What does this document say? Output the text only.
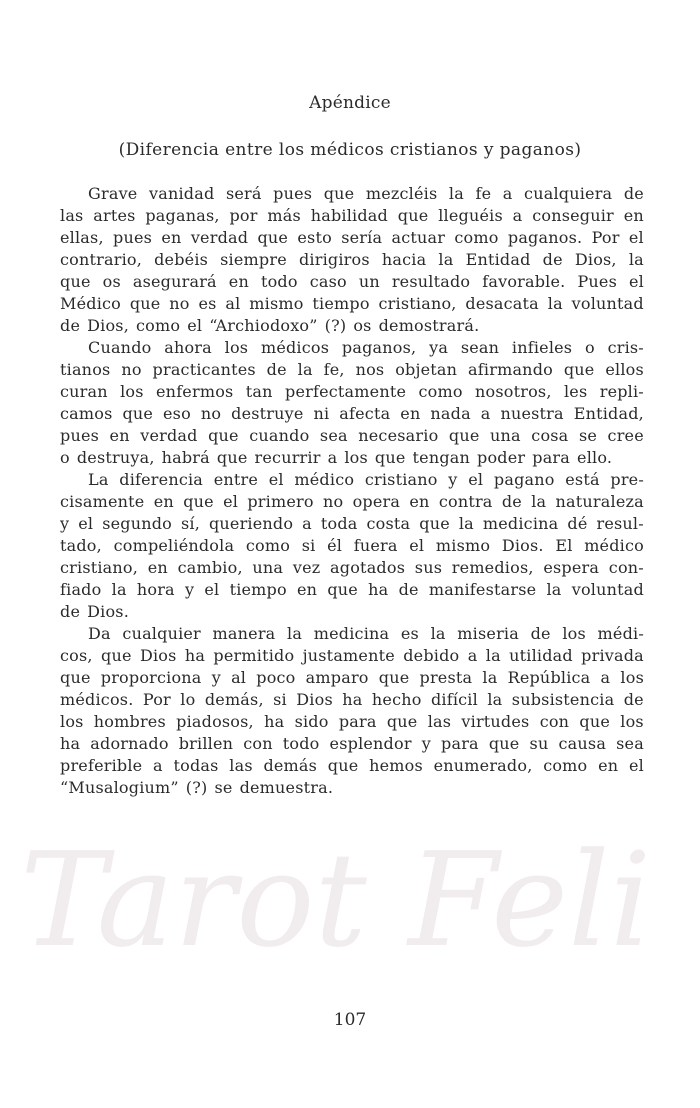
Tarot Feli
Apéndice
(Diferencia entre los médicos cristianos y paganos)
Grave vanidad será pues que mezcléis la fe a cualquiera de
las artes paganas, por más habilidad que lleguéis a conseguir en
ellas, pues en verdad que esto sería actuar como paganos. Por el
contrario, debéis siempre dirigiros hacia la Entidad de Dios, la
que os asegurará en todo caso un resultado favorable. Pues el
Médico que no es al mismo tiempo cristiano, desacata la voluntad
de Dios, como el “Archiodoxo” (?) os demostrará.
Cuando ahora los médicos paganos, ya sean infieles o cris-
tianos no practicantes de la fe, nos objetan afirmando que ellos
curan los enfermos tan perfectamente como nosotros, les repli-
camos que eso no destruye ni afecta en nada a nuestra Entidad,
pues en verdad que cuando sea necesario que una cosa se cree
o destruya, habrá que recurrir a los que tengan poder para ello.
La diferencia entre el médico cristiano y el pagano está pre-
cisamente en que el primero no opera en contra de la naturaleza
y el segundo sí, queriendo a toda costa que la medicina dé resul-
tado, compeliéndola como si él fuera el mismo Dios. El médico
cristiano, en cambio, una vez agotados sus remedios, espera con-
fiado la hora y el tiempo en que ha de manifestarse la voluntad
de Dios.
Da cualquier manera la medicina es la miseria de los médi-
cos, que Dios ha permitido justamente debido a la utilidad privada
que proporciona y al poco amparo que presta la República a los
médicos. Por lo demás, si Dios ha hecho difícil la subsistencia de
los hombres piadosos, ha sido para que las virtudes con que los
ha adornado brillen con todo esplendor y para que su causa sea
preferible a todas las demás que hemos enumerado, como en el
“Musalogium” (?) se demuestra.
107
